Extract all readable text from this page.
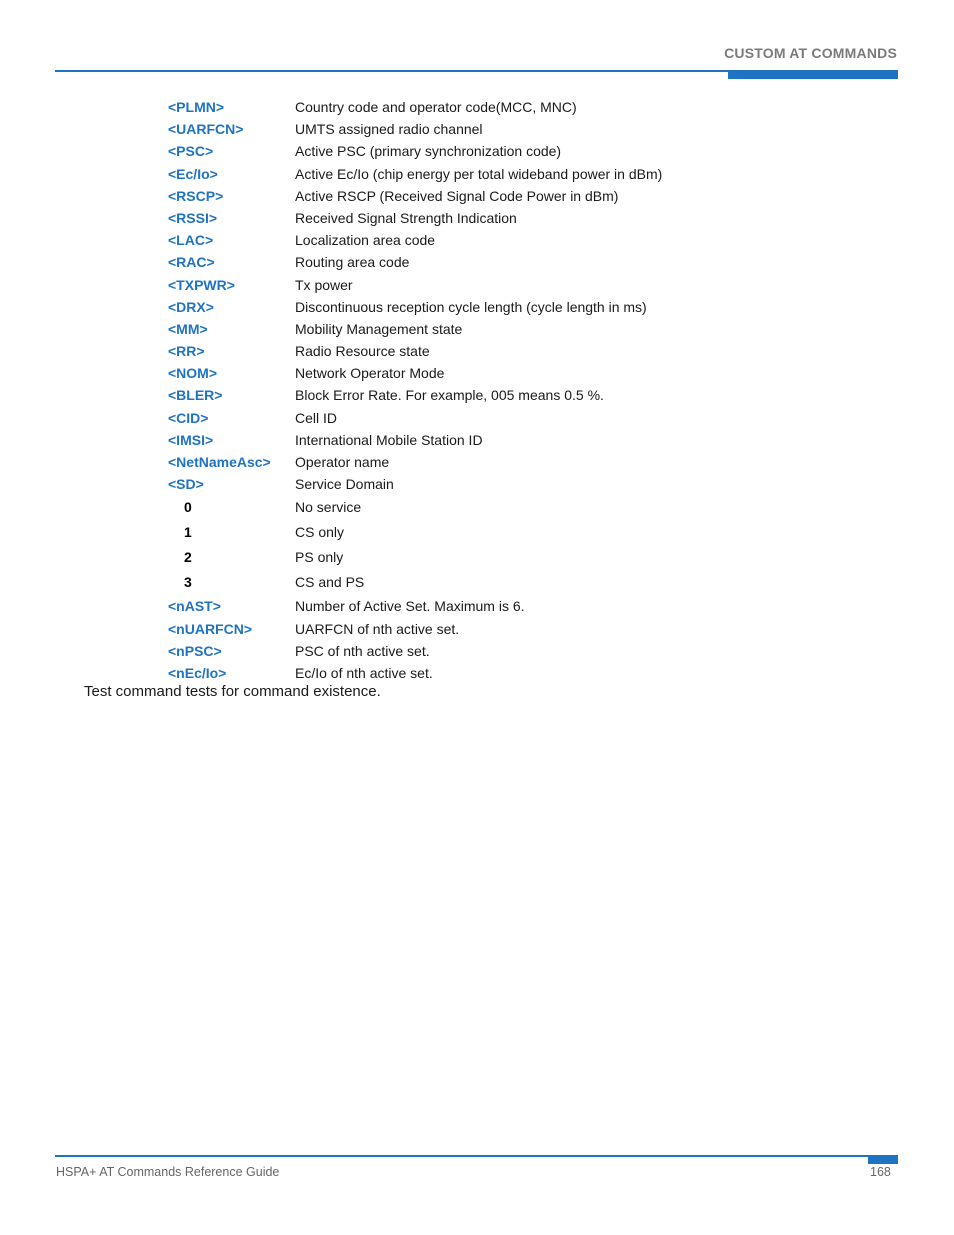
CUSTOM AT COMMANDS
<PLMN>	Country code and operator code(MCC, MNC)
<UARFCN>	UMTS assigned radio channel
<PSC>	Active PSC (primary synchronization code)
<Ec/Io>	Active Ec/Io (chip energy per total wideband power in dBm)
<RSCP>	Active RSCP (Received Signal Code Power in dBm)
<RSSI>	Received Signal Strength Indication
<LAC>	Localization area code
<RAC>	Routing area code
<TXPWR>	Tx power
<DRX>	Discontinuous reception cycle length (cycle length in ms)
<MM>	Mobility Management state
<RR>	Radio Resource state
<NOM>	Network Operator Mode
<BLER>	Block Error Rate. For example, 005 means 0.5 %.
<CID>	Cell ID
<IMSI>	International Mobile Station ID
<NetNameAsc> Operator name
<SD>	Service Domain
0	No service
1	CS only
2	PS only
3	CS and PS
<nAST>	Number of Active Set. Maximum is 6.
<nUARFCN>	UARFCN of nth active set.
<nPSC>	PSC of nth active set.
<nEc/Io>	Ec/Io of nth active set.
Test command tests for command existence.
HSPA+ AT Commands Reference Guide	168
